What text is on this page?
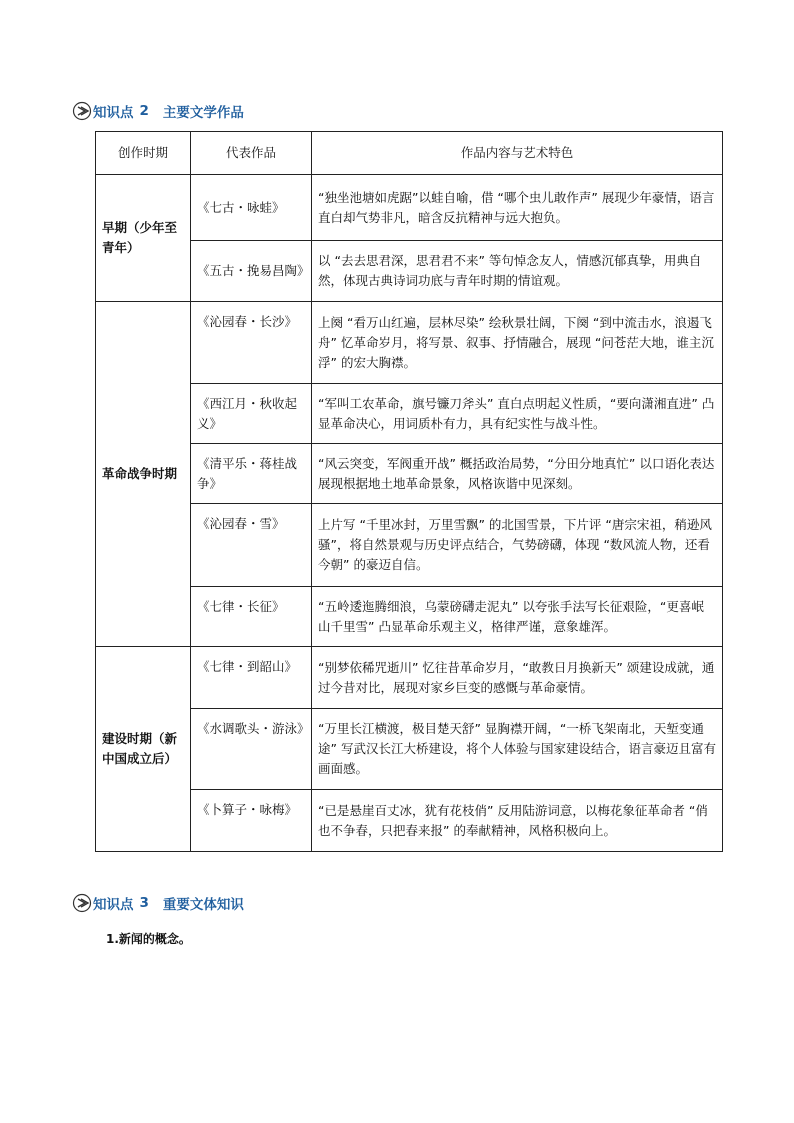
知识点 2 主要文学作品
创作时期	代表作品	作品内容与艺术特色
早期（少年至青年）	《七古・咏蛙》	“独坐池塘如虎踞”以蛙自喻，借 “哪个虫儿敢作声” 展现少年豪情，语言直白却气势非凡，暗含反抗精神与远大抱负。
	《五古・挽易昌陶》	以 “去去思君深，思君君不来” 等句悼念友人，情感沉郁真挚，用典自然，体现古典诗词功底与青年时期的情谊观。
革命战争时期	《沁园春・长沙》	上阕 “看万山红遍，层林尽染” 绘秋景壮阔，下阕 “到中流击水，浪遏飞舟” 忆革命岁月，将写景、叙事、抒情融合，展现 “问苍茫大地，谁主沉浮” 的宏大胸襟。
	《西江月・秋收起义》	“军叫工农革命，旗号镰刀斧头” 直白点明起义性质，“要向潇湘直进” 凸显革命决心，用词质朴有力，具有纪实性与战斗性。
	《清平乐・蒋桂战争》	“风云突变，军阀重开战” 概括政治局势，“分田分地真忙” 以口语化表达展现根据地土地革命景象，风格诙谐中见深刻。
	《沁园春・雪》	上片写 “千里冰封，万里雪飘” 的北国雪景，下片评 “唐宗宋祖，稍逊风骚”，将自然景观与历史评点结合，气势磅礴，体现 “数风流人物，还看今朝” 的豪迈自信。
	《七律・长征》	“五岭逶迤腾细浪，乌蒙磅礴走泥丸” 以夸张手法写长征艰险，“更喜岷山千里雪” 凸显革命乐观主义，格律严谨，意象雄浑。
建设时期（新中国成立后）	《七律・到韶山》	“别梦依稀咒逝川” 忆往昔革命岁月，“敢教日月换新天” 颂建设成就，通过今昔对比，展现对家乡巨变的感慨与革命豪情。
	《水调歌头・游泳》	“万里长江横渡，极目楚天舒” 显胸襟开阔，“一桥飞架南北，天堑变通途” 写武汉长江大桥建设，将个人体验与国家建设结合，语言豪迈且富有画面感。
	《卜算子・咏梅》	“已是悬崖百丈冰，犹有花枝俏” 反用陆游词意，以梅花象征革命者 “俏也不争春，只把春来报” 的奉献精神，风格积极向上。
知识点 3 重要文体知识
1.新闻的概念。
